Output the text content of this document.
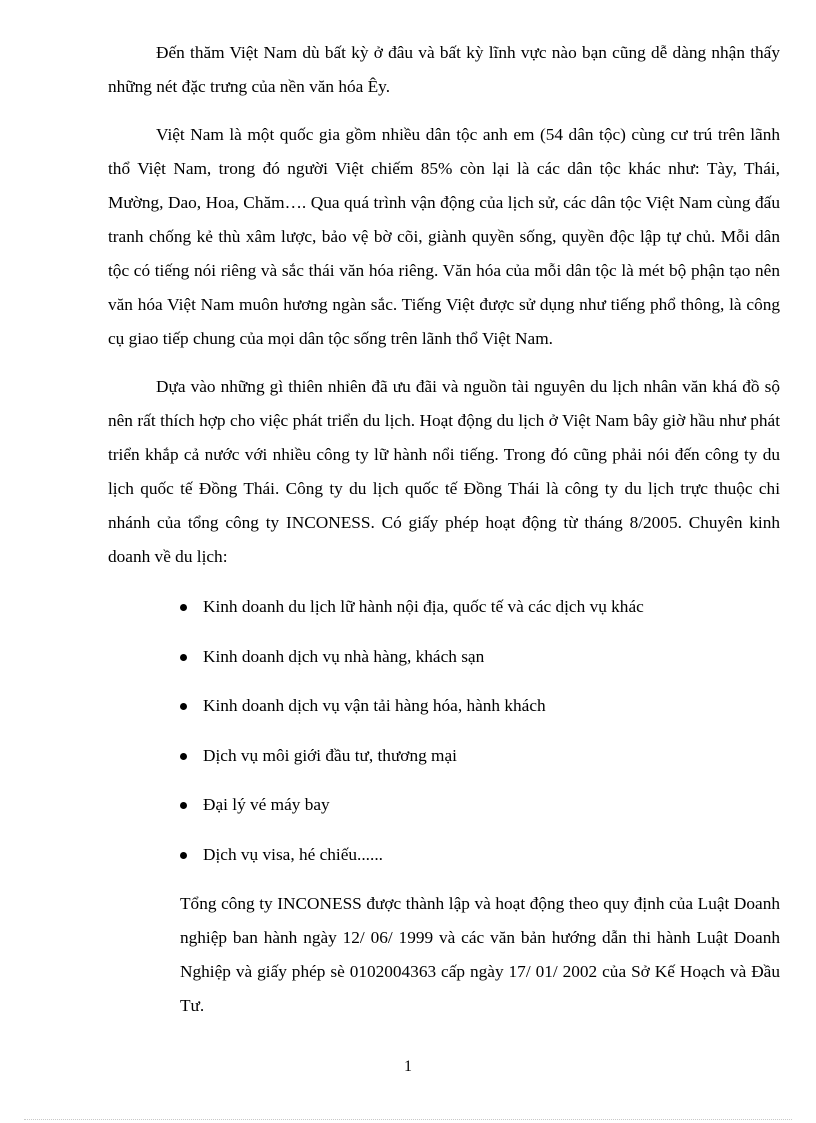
Đến thăm Việt Nam dù bất kỳ ở đâu và bất kỳ lĩnh vực nào bạn cũng dễ dàng nhận thấy những nét đặc trưng của nền văn hóa Êy.

Việt Nam là một quốc gia gồm nhiều dân tộc anh em (54 dân tộc) cùng cư trú trên lãnh thổ Việt Nam, trong đó người Việt chiếm 85% còn lại là các dân tộc khác như: Tày, Thái, Mường, Dao, Hoa, Chăm…. Qua quá trình vận động của lịch sử, các dân tộc Việt Nam cùng đấu tranh chống kẻ thù xâm lược, bảo vệ bờ cõi, giành quyền sống, quyền độc lập tự chủ. Mỗi dân tộc có tiếng nói riêng và sắc thái văn hóa riêng. Văn hóa của mỗi dân tộc là mét bộ phận tạo nên văn hóa Việt Nam muôn hương ngàn sắc. Tiếng Việt được sử dụng như tiếng phổ thông, là công cụ giao tiếp chung của mọi dân tộc sống trên lãnh thổ Việt Nam.

Dựa vào những gì thiên nhiên đã ưu đãi và nguồn tài nguyên du lịch nhân văn khá đồ sộ nên rất thích hợp cho việc phát triển du lịch. Hoạt động du lịch ở Việt Nam bây giờ hầu như phát triển khắp cả nước với nhiều công ty lữ hành nổi tiếng. Trong đó cũng phải nói đến công ty du lịch quốc tế Đồng Thái. Công ty du lịch quốc tế Đồng Thái là công ty du lịch trực thuộc chi nhánh của tổng công ty INCONESS. Có giấy phép hoạt động từ tháng 8/2005. Chuyên kinh doanh về du lịch:

Kinh doanh du lịch lữ hành nội địa, quốc tế và các dịch vụ khác
Kinh doanh dịch vụ nhà hàng, khách sạn
Kinh doanh dịch vụ vận tải hàng hóa, hành khách
Dịch vụ môi giới đầu tư, thương mại
Đại lý vé máy bay
Dịch vụ visa, hé chiếu......

Tổng công ty INCONESS được thành lập và hoạt động theo quy định của Luật Doanh nghiệp ban hành ngày 12/ 06/ 1999 và các văn bản hướng dẫn thi hành Luật Doanh Nghiệp và giấy phép sè 0102004363 cấp ngày 17/ 01/ 2002 của Sở Kế Hoạch và Đầu Tư.

1
